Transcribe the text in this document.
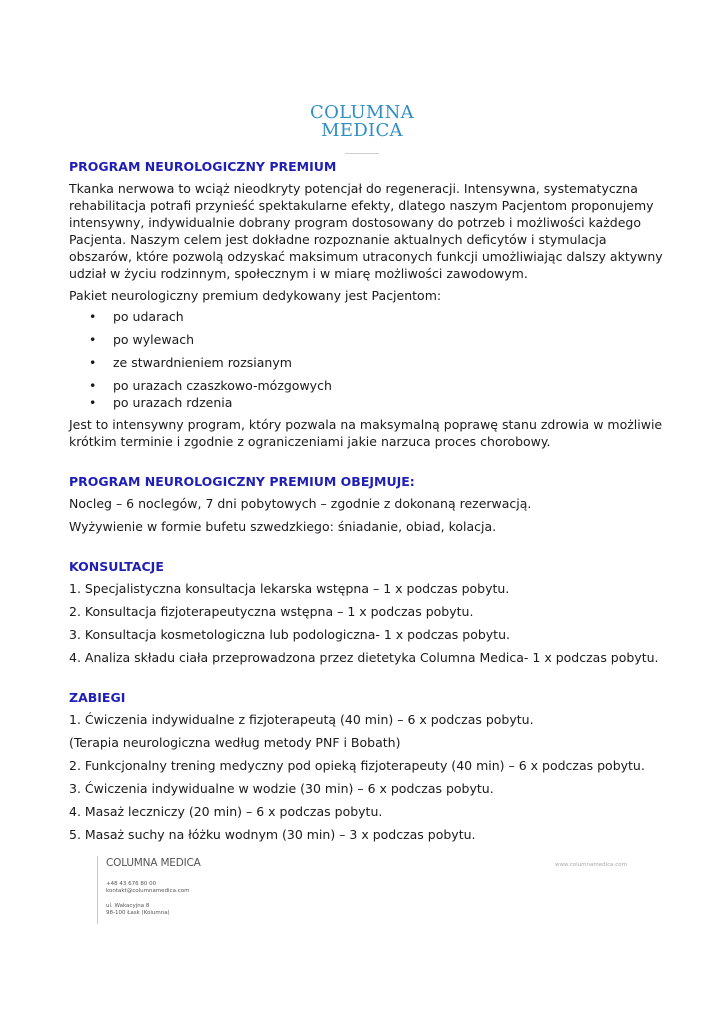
COLUMNA
MEDICA
PROGRAM NEUROLOGICZNY PREMIUM

Tkanka nerwowa to wciąż nieodkryty potencjał do regeneracji. Intensywna, systematyczna rehabilitacja potrafi przynieść spektakularne efekty, dlatego naszym Pacjentom proponujemy intensywny, indywidualnie dobrany program dostosowany do potrzeb i możliwości każdego Pacjenta. Naszym celem jest dokładne rozpoznanie aktualnych deficytów i stymulacja obszarów, które pozwolą odzyskać maksimum utraconych funkcji umożliwiając dalszy aktywny udział w życiu rodzinnym, społecznym i w miarę możliwości zawodowym.

Pakiet neurologiczny premium dedykowany jest Pacjentom:

• po udarach
• po wylewach
• ze stwardnieniem rozsianym
• po urazach czaszkowo-mózgowych
• po urazach rdzenia

Jest to intensywny program, który pozwala na maksymalną poprawę stanu zdrowia w możliwie krótkim terminie i zgodnie z ograniczeniami jakie narzuca proces chorobowy.

PROGRAM NEUROLOGICZNY PREMIUM OBEJMUJE:

Nocleg – 6 noclegów, 7 dni pobytowych – zgodnie z dokonaną rezerwacją.

Wyżywienie w formie bufetu szwedzkiego: śniadanie, obiad, kolacja.

KONSULTACJE

1. Specjalistyczna konsultacja lekarska wstępna – 1 x podczas pobytu.

2. Konsultacja fizjoterapeutyczna wstępna – 1 x podczas pobytu.

3. Konsultacja kosmetologiczna lub podologiczna- 1 x podczas pobytu.

4. Analiza składu ciała przeprowadzona przez dietetyka Columna Medica- 1 x podczas pobytu.

ZABIEGI

1. Ćwiczenia indywidualne z fizjoterapeutą (40 min) – 6 x podczas pobytu.

(Terapia neurologiczna według metody PNF i Bobath)

2. Funkcjonalny trening medyczny pod opieką fizjoterapeuty (40 min) – 6 x podczas pobytu.

3. Ćwiczenia indywidualne w wodzie (30 min) – 6 x podczas pobytu.

4. Masaż leczniczy (20 min) – 6 x podczas pobytu.

5. Masaż suchy na łóżku wodnym (30 min) – 3 x podczas pobytu.

COLUMNA MEDICA
+48 43 676 80 00
kontakt@columnamedica.com
ul. Wakacyjna 8
98-100 Łask (Kolumna)
www.columnamedica.com
